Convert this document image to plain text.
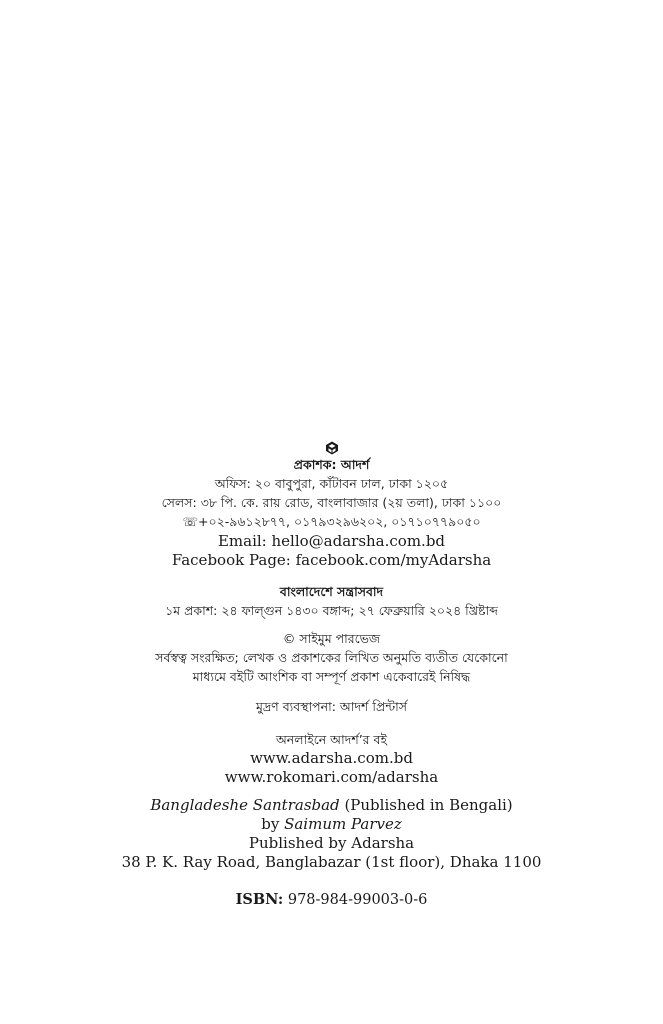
প্রকাশক: আদর্শ
অফিস: ২০ বাবুপুরা, কাঁটাবন ঢাল, ঢাকা ১২০৫
সেলস: ৩৮ পি. কে. রায় রোড, বাংলাবাজার (২য় তলা), ঢাকা ১১০০
☏+০২-৯৬১২৮৭৭, ০১৭৯৩২৯৬২০২, ০১৭১০৭৭৯০৫০
Email: hello@adarsha.com.bd
Facebook Page: facebook.com/myAdarsha
বাংলাদেশে সন্ত্রাসবাদ
১ম প্রকাশ: ২৪ ফাল্গুন ১৪৩০ বঙ্গাব্দ; ২৭ ফেব্রুয়ারি ২০২৪ খ্রিষ্টাব্দ
© সাইমুম পারভেজ
সর্বস্বত্ব সংরক্ষিত; লেখক ও প্রকাশকের লিখিত অনুমতি ব্যতীত যেকোনো
মাধ্যমে বইটি আংশিক বা সম্পূর্ণ প্রকাশ একেবারেই নিষিদ্ধ
মুদ্রণ ব্যবস্থাপনা: আদর্শ প্রিন্টার্স
অনলাইনে আদর্শ’র বই
www.adarsha.com.bd
www.rokomari.com/adarsha
Bangladeshe Santrasbad (Published in Bengali)
by Saimum Parvez
Published by Adarsha
38 P. K. Ray Road, Banglabazar (1st floor), Dhaka 1100
ISBN: 978-984-99003-0-6
